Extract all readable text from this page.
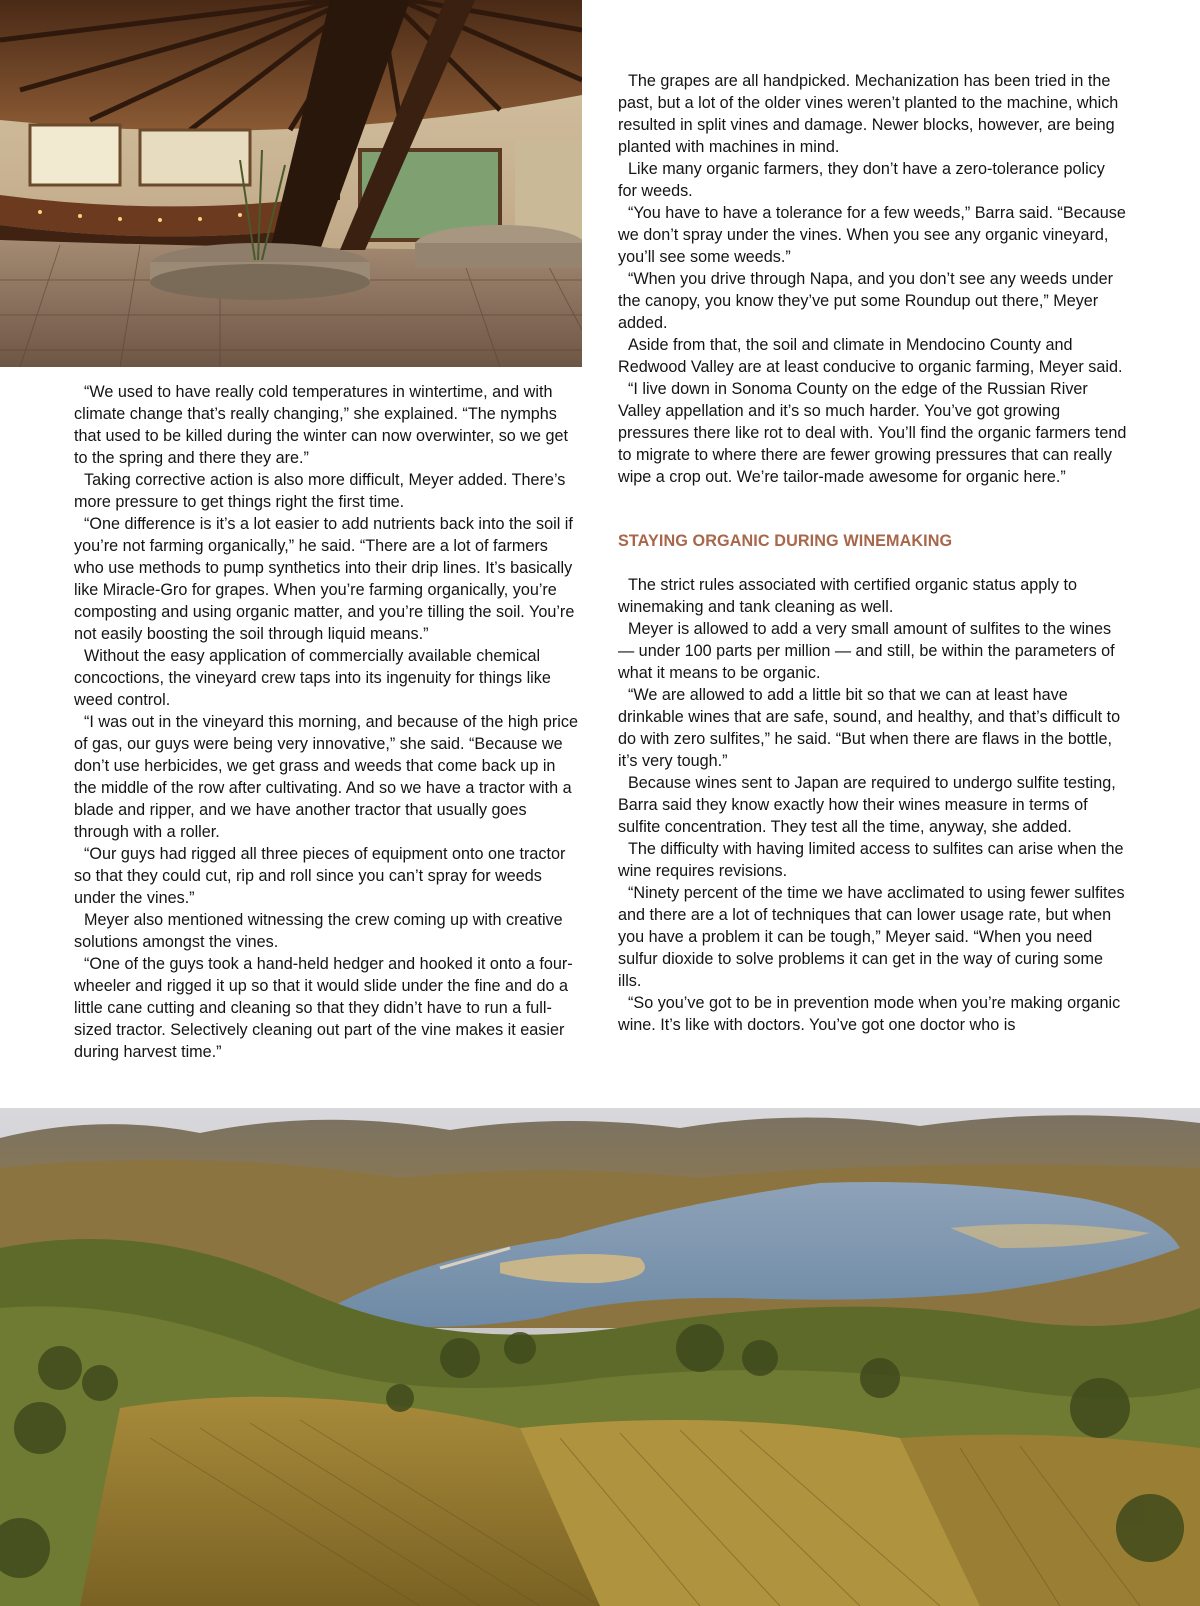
“We used to have really cold temperatures in wintertime, and with climate change that’s really changing,” she explained. “The nymphs that used to be killed during the winter can now overwinter, so we get to the spring and there they are.”

Taking corrective action is also more difficult, Meyer added. There’s more pressure to get things right the first time.

“One difference is it’s a lot easier to add nutrients back into the soil if you’re not farming organically,” he said. “There are a lot of farmers who use methods to pump synthetics into their drip lines. It’s basically like Miracle-Gro for grapes. When you’re farming organically, you’re composting and using organic matter, and you’re tilling the soil. You’re not easily boosting the soil through liquid means.”

Without the easy application of commercially available chemical concoctions, the vineyard crew taps into its ingenuity for things like weed control.

“I was out in the vineyard this morning, and because of the high price of gas, our guys were being very innovative,” she said. “Because we don’t use herbicides, we get grass and weeds that come back up in the middle of the row after cultivating. And so we have a tractor with a blade and ripper, and we have another tractor that usually goes through with a roller.

“Our guys had rigged all three pieces of equipment onto one tractor so that they could cut, rip and roll since you can’t spray for weeds under the vines.”

Meyer also mentioned witnessing the crew coming up with creative solutions amongst the vines.

“One of the guys took a hand-held hedger and hooked it onto a four-wheeler and rigged it up so that it would slide under the fine and do a little cane cutting and cleaning so that they didn’t have to run a full-sized tractor. Selectively cleaning out part of the vine makes it easier during harvest time.”

The grapes are all handpicked. Mechanization has been tried in the past, but a lot of the older vines weren’t planted to the machine, which resulted in split vines and damage. Newer blocks, however, are being planted with machines in mind.

Like many organic farmers, they don’t have a zero-tolerance policy for weeds.

“You have to have a tolerance for a few weeds,” Barra said. “Because we don’t spray under the vines. When you see any organic vineyard, you’ll see some weeds.”

“When you drive through Napa, and you don’t see any weeds under the canopy, you know they’ve put some Roundup out there,” Meyer added.

Aside from that, the soil and climate in Mendocino County and Redwood Valley are at least conducive to organic farming, Meyer said.

“I live down in Sonoma County on the edge of the Russian River Valley appellation and it’s so much harder. You’ve got growing pressures there like rot to deal with. You’ll find the organic farmers tend to migrate to where there are fewer growing pressures that can really wipe a crop out. We’re tailor-made awesome for organic here.”

STAYING ORGANIC DURING WINEMAKING

The strict rules associated with certified organic status apply to winemaking and tank cleaning as well.

Meyer is allowed to add a very small amount of sulfites to the wines — under 100 parts per million — and still, be within the parameters of what it means to be organic.

“We are allowed to add a little bit so that we can at least have drinkable wines that are safe, sound, and healthy, and that’s difficult to do with zero sulfites,” he said. “But when there are flaws in the bottle, it’s very tough.”

Because wines sent to Japan are required to undergo sulfite testing, Barra said they know exactly how their wines measure in terms of sulfite concentration. They test all the time, anyway, she added.

The difficulty with having limited access to sulfites can arise when the wine requires revisions.

“Ninety percent of the time we have acclimated to using fewer sulfites and there are a lot of techniques that can lower usage rate, but when you have a problem it can be tough,” Meyer said. “When you need sulfur dioxide to solve problems it can get in the way of curing some ills.

“So you’ve got to be in prevention mode when you’re making organic wine. It’s like with doctors. You’ve got one doctor who is
